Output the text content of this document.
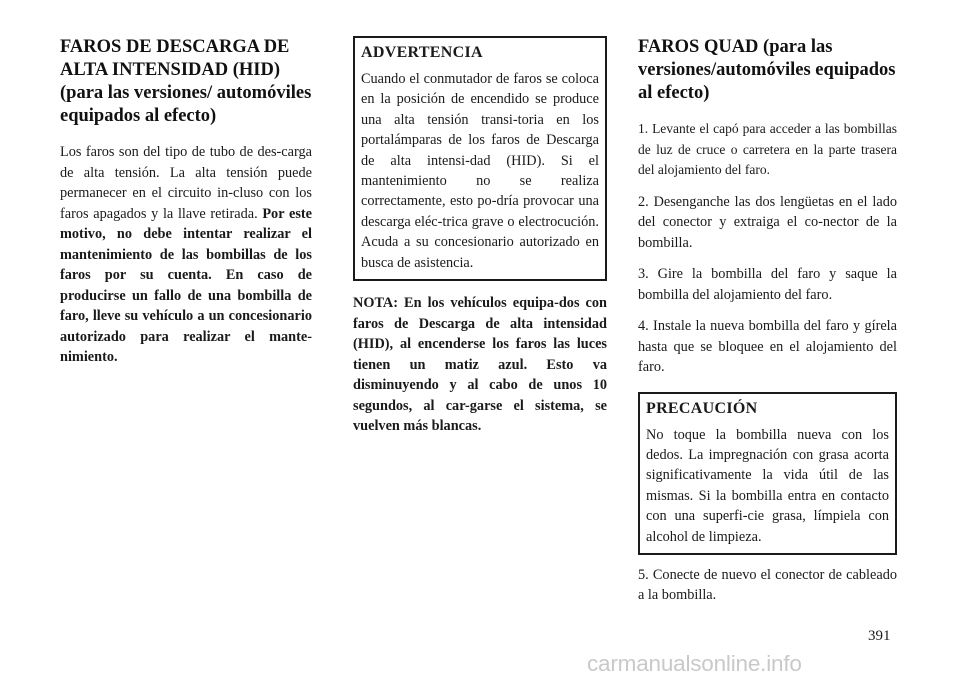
FAROS DE DESCARGA DE ALTA INTENSIDAD (HID) (para las versiones/ automóviles equipados al efecto)

Los faros son del tipo de tubo de des-carga de alta tensión. La alta tensión puede permanecer en el circuito in-cluso con los faros apagados y la llave retirada. Por este motivo, no debe intentar realizar el mantenimiento de las bombillas de los faros por su cuenta. En caso de producirse un fallo de una bombilla de faro, lleve su vehículo a un concesionario autorizado para realizar el mante-nimiento.

ADVERTENCIA

Cuando el conmutador de faros se coloca en la posición de encendido se produce una alta tensión transi-toria en los portalámparas de los faros de Descarga de alta intensi-dad (HID). Si el mantenimiento no se realiza correctamente, esto po-dría provocar una descarga eléc-trica grave o electrocución. Acuda a su concesionario autorizado en busca de asistencia.

NOTA: En los vehículos equipa-dos con faros de Descarga de alta intensidad (HID), al encenderse los faros las luces tienen un matiz azul. Esto va disminuyendo y al cabo de unos 10 segundos, al car-garse el sistema, se vuelven más blancas.

FAROS QUAD (para las versiones/automóviles equipados al efecto)

1. Levante el capó para acceder a las bombillas de luz de cruce o carretera en la parte trasera del alojamiento del faro.

2. Desenganche las dos lengüetas en el lado del conector y extraiga el co-nector de la bombilla.

3. Gire la bombilla del faro y saque la bombilla del alojamiento del faro.

4. Instale la nueva bombilla del faro y gírela hasta que se bloquee en el alojamiento del faro.

PRECAUCIÓN

No toque la bombilla nueva con los dedos. La impregnación con grasa acorta significativamente la vida útil de las mismas. Si la bombilla entra en contacto con una superfi-cie grasa, límpiela con alcohol de limpieza.

5. Conecte de nuevo el conector de cableado a la bombilla.

391
carmanualsonline.info
